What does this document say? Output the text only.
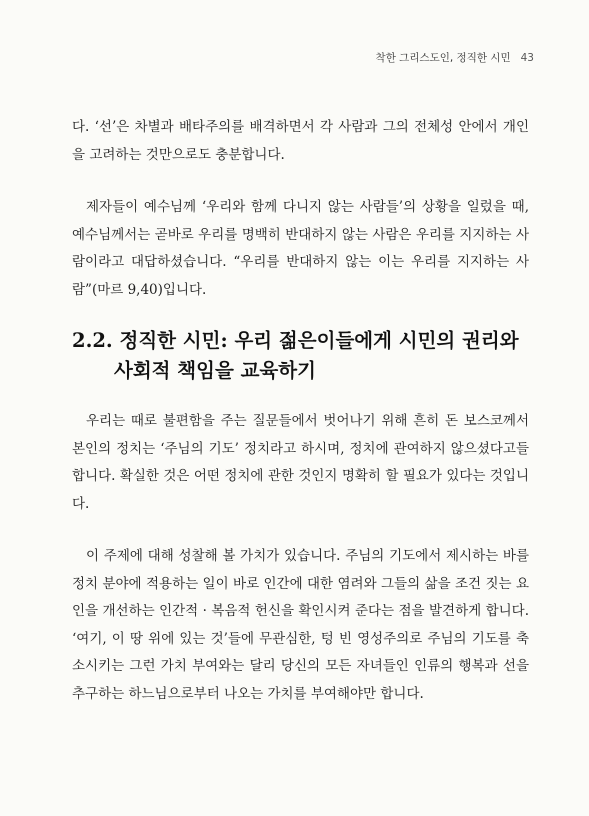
착한 그리스도인, 정직한 시민 43

다. ‘선’은 차별과 배타주의를 배격하면서 각 사람과 그의 전체성 안에서 개인을 고려하는 것만으로도 충분합니다.

제자들이 예수님께 ‘우리와 함께 다니지 않는 사람들’의 상황을 일렀을 때, 예수님께서는 곧바로 우리를 명백히 반대하지 않는 사람은 우리를 지지하는 사람이라고 대답하셨습니다. “우리를 반대하지 않는 이는 우리를 지지하는 사람”(마르 9,40)입니다.

2.2. 정직한 시민: 우리 젊은이들에게 시민의 권리와
사회적 책임을 교육하기

우리는 때로 불편함을 주는 질문들에서 벗어나기 위해 흔히 돈 보스코께서 본인의 정치는 ‘주님의 기도’ 정치라고 하시며, 정치에 관여하지 않으셨다고들 합니다. 확실한 것은 어떤 정치에 관한 것인지 명확히 할 필요가 있다는 것입니다.

이 주제에 대해 성찰해 볼 가치가 있습니다. 주님의 기도에서 제시하는 바를 정치 분야에 적용하는 일이 바로 인간에 대한 염려와 그들의 삶을 조건 짓는 요인을 개선하는 인간적 · 복음적 헌신을 확인시켜 준다는 점을 발견하게 합니다. ‘여기, 이 땅 위에 있는 것’들에 무관심한, 텅 빈 영성주의로 주님의 기도를 축소시키는 그런 가치 부여와는 달리 당신의 모든 자녀들인 인류의 행복과 선을 추구하는 하느님으로부터 나오는 가치를 부여해야만 합니다.
